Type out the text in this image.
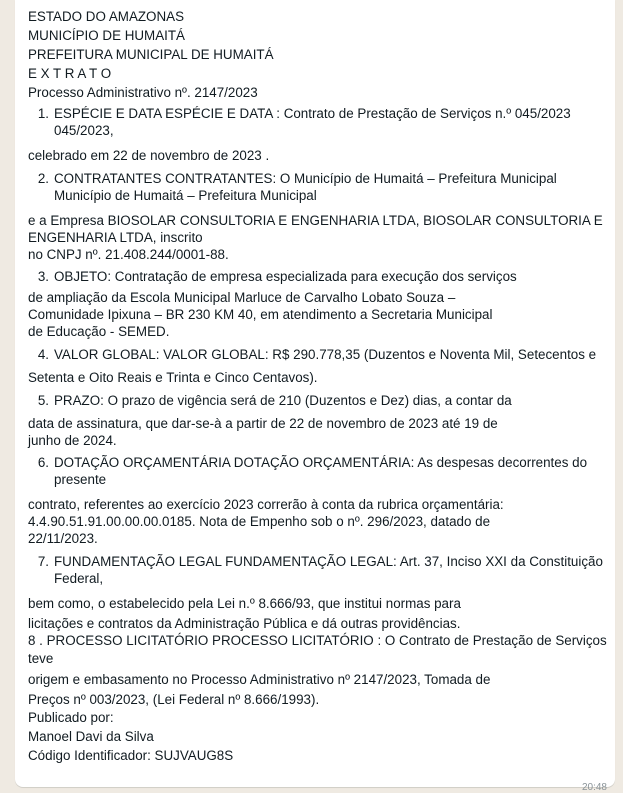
ESTADO DO AMAZONAS
MUNICÍPIO DE HUMAITÁ
PREFEITURA MUNICIPAL DE HUMAITÁ
E X T R A T O
Processo Administrativo nº. 2147/2023
1. ESPÉCIE E DATA ESPÉCIE E DATA : Contrato de Prestação de Serviços n.º 045/2023 045/2023,
celebrado em 22 de novembro de 2023 .
2. CONTRATANTES CONTRATANTES: O Município de Humaitá – Prefeitura Municipal Município de Humaitá – Prefeitura Municipal
e a Empresa BIOSOLAR CONSULTORIA E ENGENHARIA LTDA, BIOSOLAR CONSULTORIA E
ENGENHARIA LTDA, inscrito
no CNPJ nº. 21.408.244/0001-88.
3. OBJETO: Contratação de empresa especializada para execução dos serviços
de ampliação da Escola Municipal Marluce de Carvalho Lobato Souza –
Comunidade Ipixuna – BR 230 KM 40, em atendimento a Secretaria Municipal
de Educação - SEMED.
4. VALOR GLOBAL: VALOR GLOBAL: R$ 290.778,35 (Duzentos e Noventa Mil, Setecentos e
Setenta e Oito Reais e Trinta e Cinco Centavos).
5. PRAZO: O prazo de vigência será de 210 (Duzentos e Dez) dias, a contar da
data de assinatura, que dar-se-à a partir de 22 de novembro de 2023 até 19 de
junho de 2024.
6. DOTAÇÃO ORÇAMENTÁRIA DOTAÇÃO ORÇAMENTÁRIA: As despesas decorrentes do presente
contrato, referentes ao exercício 2023 correrão à conta da rubrica orçamentária:
4.4.90.51.91.00.00.00.0185. Nota de Empenho sob o nº. 296/2023, datado de
22/11/2023.
7. FUNDAMENTAÇÃO LEGAL FUNDAMENTAÇÃO LEGAL: Art. 37, Inciso XXI da Constituição Federal,
bem como, o estabelecido pela Lei n.º 8.666/93, que institui normas para
licitações e contratos da Administração Pública e dá outras providências.
8 . PROCESSO LICITATÓRIO PROCESSO LICITATÓRIO : O Contrato de Prestação de Serviços
teve
origem e embasamento no Processo Administrativo nº 2147/2023, Tomada de
Preços nº 003/2023, (Lei Federal nº 8.666/1993).
Publicado por:
Manoel Davi da Silva
Código Identificador: SUJVAUG8S
20:48
